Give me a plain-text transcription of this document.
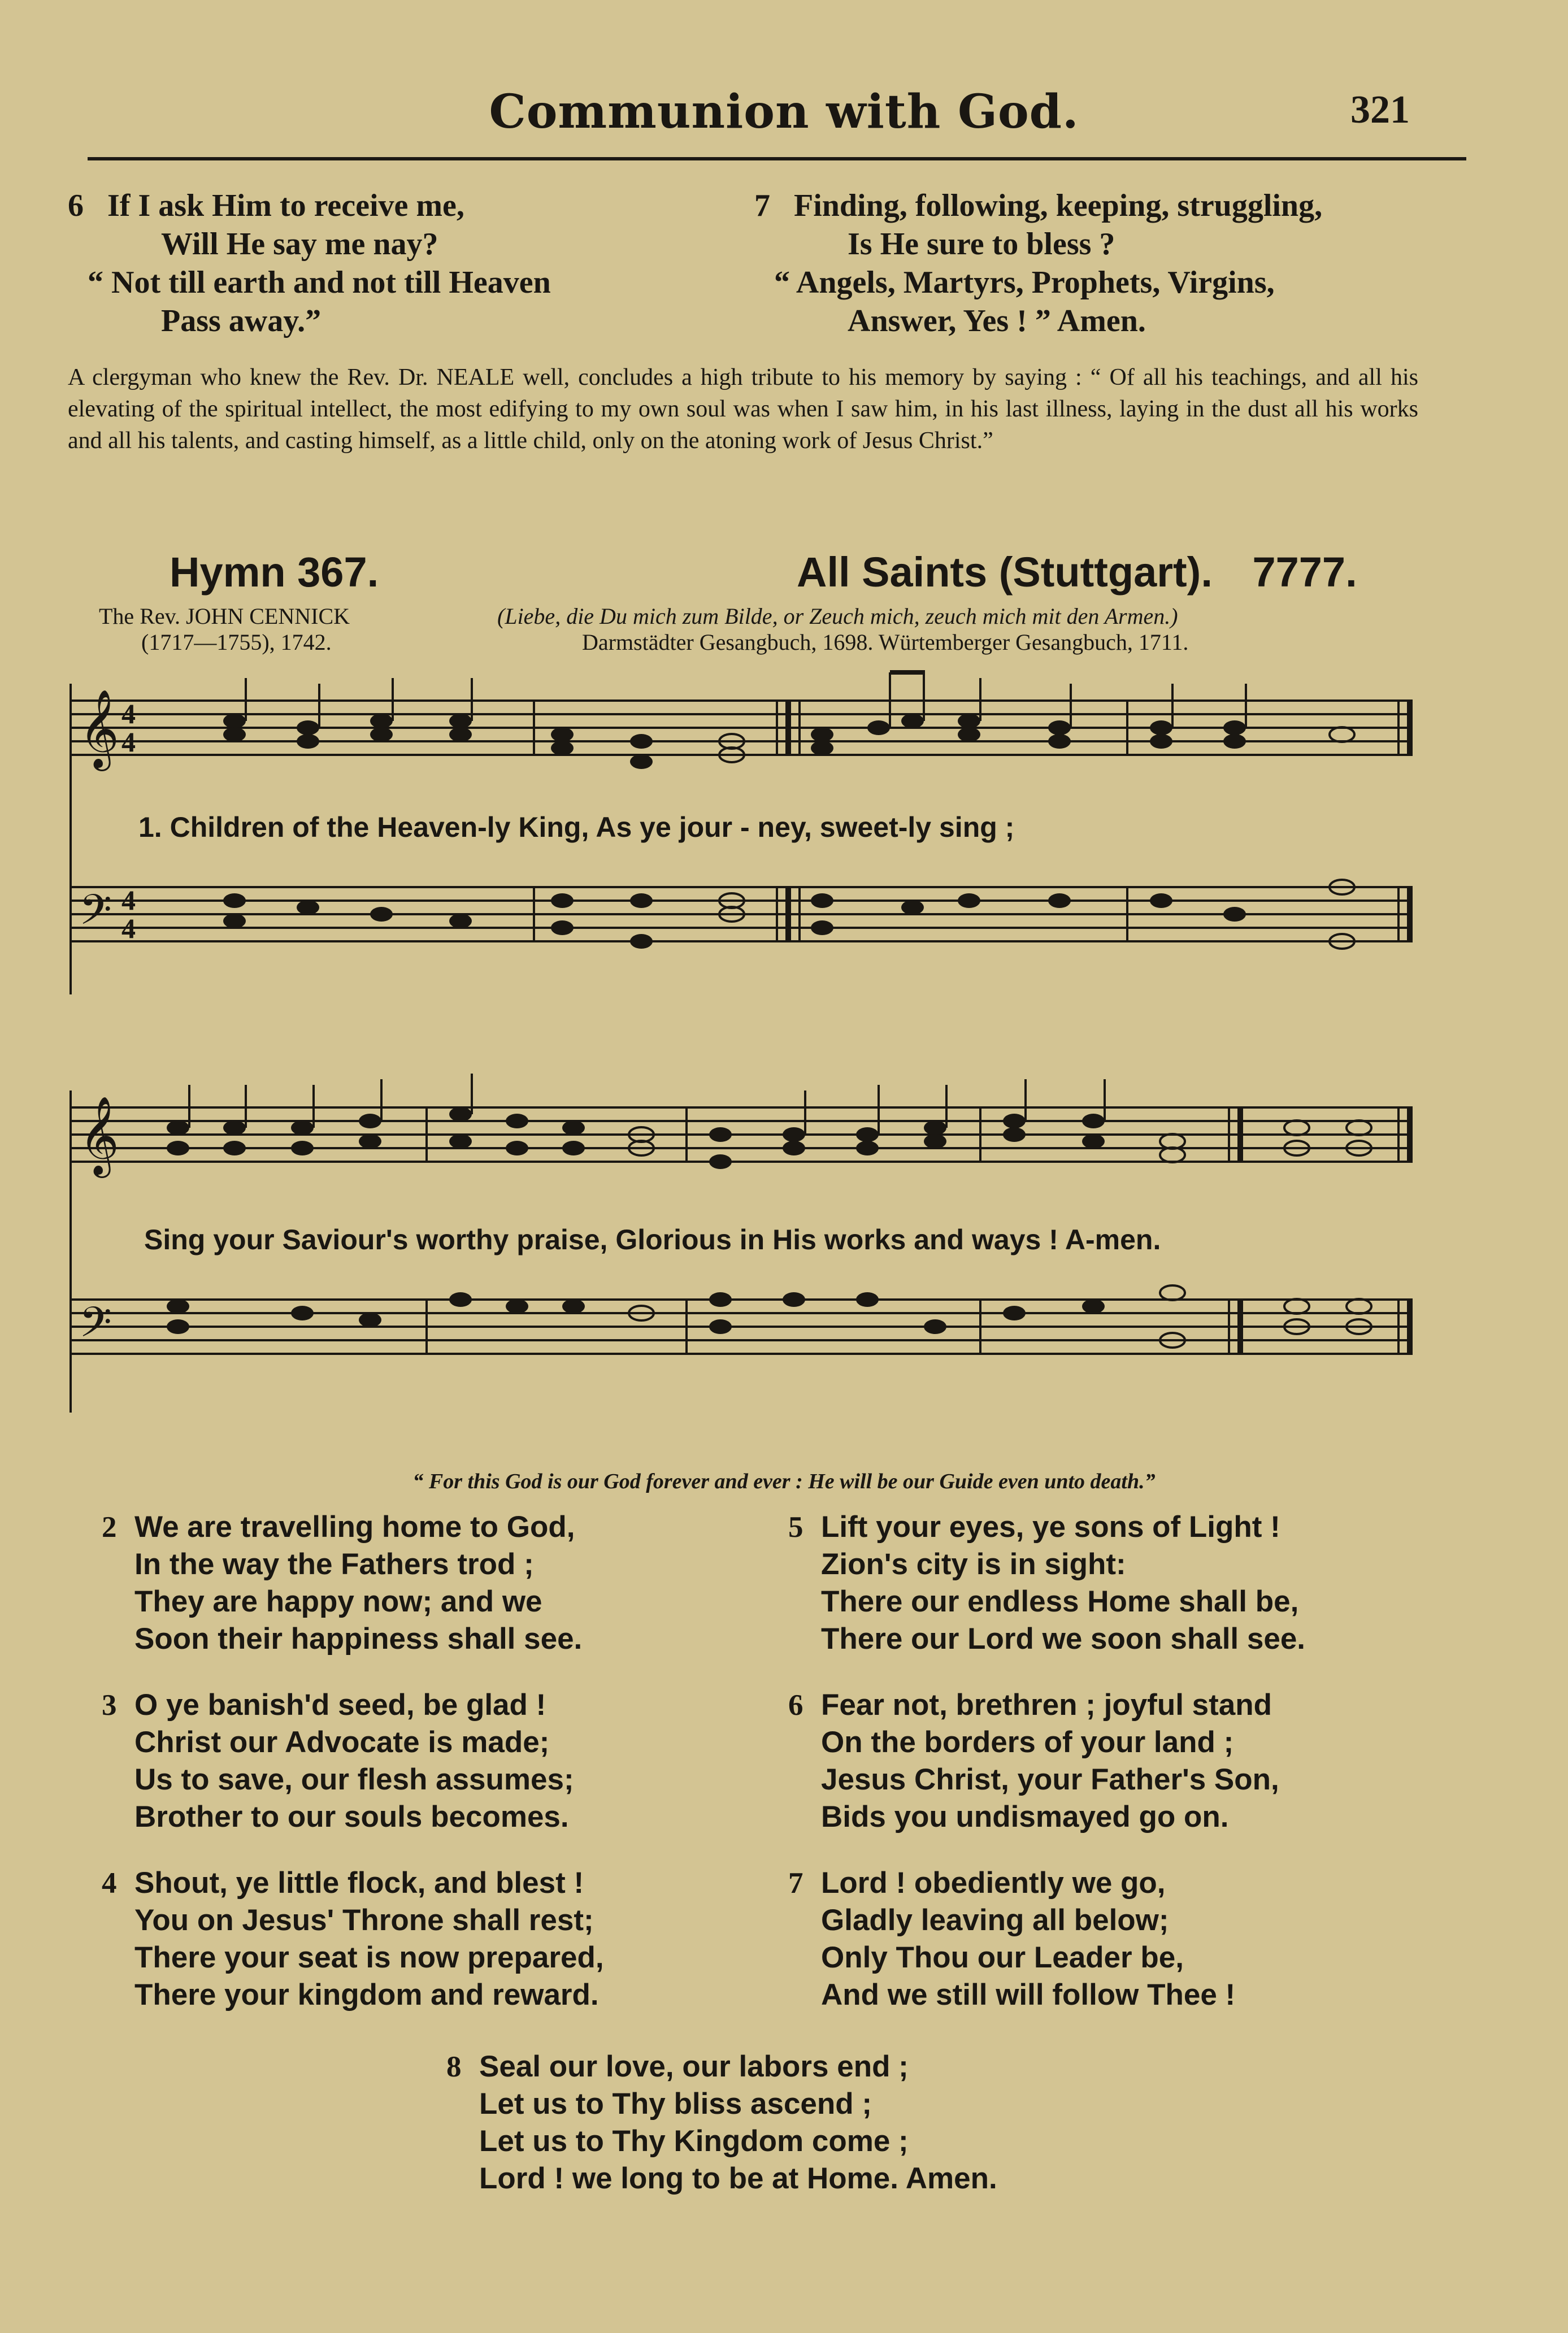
Communion with God.	321
6 If I ask Him to receive me,
Will He say me nay?
“ Not till earth and not till Heaven
Pass away.”
7 Finding, following, keeping, struggling,
Is He sure to bless ?
“ Angels, Martyrs, Prophets, Virgins,
Answer, Yes ! ” Amen.
A clergyman who knew the Rev. Dr. NEALE well, concludes a high tribute to his memory by saying : “ Of all his teachings, and all his elevating of the spiritual intellect, the most edifying to my own soul was when I saw him, in his last illness, laying in the dust all his works and all his talents, and casting himself, as a little child, only on the atoning work of Jesus Christ.”
Hymn 367.	All Saints (Stuttgart). 7777.
The Rev. JOHN CENNICK
(1717—1755), 1742.
(Liebe, die Du mich zum Bilde, or Zeuch mich, zeuch mich mit den Armen.)
Darmstädter Gesangbuch, 1698. Würtemberger Gesangbuch, 1711.
𝄞 4
4
𝄢 4
4
1. Children of the Heaven-ly King, As ye jour - ney, sweet-ly sing ;
𝄞
𝄢
Sing your Saviour's worthy praise, Glorious in His works and ways ! A-men.
“ For this God is our God forever and ever : He will be our Guide even unto death.”
2 We are travelling home to God,
In the way the Fathers trod ;
They are happy now; and we
Soon their happiness shall see.
3 O ye banish'd seed, be glad !
Christ our Advocate is made;
Us to save, our flesh assumes;
Brother to our souls becomes.
4 Shout, ye little flock, and blest !
You on Jesus' Throne shall rest;
There your seat is now prepared,
There your kingdom and reward.
5 Lift your eyes, ye sons of Light !
Zion's city is in sight:
There our endless Home shall be,
There our Lord we soon shall see.
6 Fear not, brethren ; joyful stand
On the borders of your land ;
Jesus Christ, your Father's Son,
Bids you undismayed go on.
7 Lord ! obediently we go,
Gladly leaving all below;
Only Thou our Leader be,
And we still will follow Thee !
8 Seal our love, our labors end ;
Let us to Thy bliss ascend ;
Let us to Thy Kingdom come ;
Lord ! we long to be at Home. Amen.
